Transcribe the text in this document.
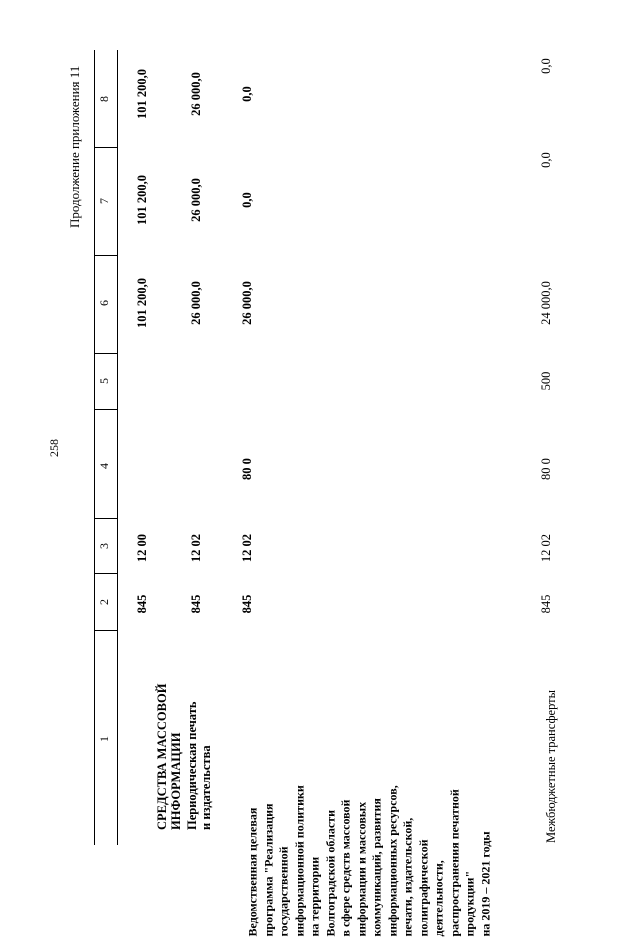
258
Продолжение приложения 11 8
7
6
5
4
3
2
1
СРЕДСТВА МАССОВОЙ
ИНФОРМАЦИИ
845
12 00
101 200,0
101 200,0
101 200,0
Периодическая печать
и издательства
845
12 02
26 000,0
26 000,0
26 000,0
Ведомственная целевая
программа "Реализация
государственной
информационной политики
на территории
Волгоградской области
в сфере средств массовой
информации и массовых
коммуникаций, развития
информационных ресурсов,
печати, издательской,
полиграфической
деятельности,
распространения печатной
продукции"
на 2019 – 2021 годы
845
12 02
80 0
26 000,0
0,0
0,0
Межбюджетные трансферты
845
12 02
80 0
500
24 000,0
0,0
0,0
